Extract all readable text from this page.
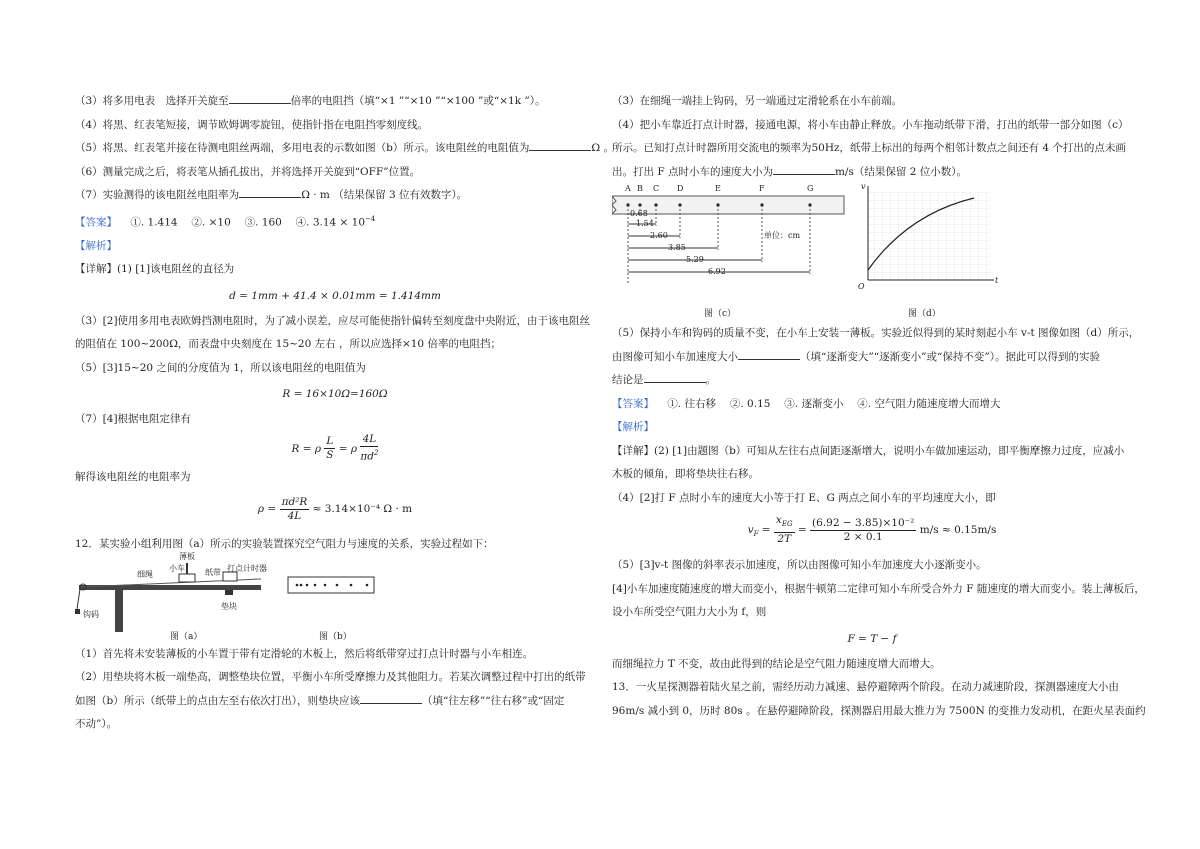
（3）将多用电表　选择开关旋至	倍率的电阻挡（填“×1 ”“×10 ”“×100 ”或“×1k ”）。
（4）将黑、红表笔短接，调节欧姆调零旋钮，使指针指在电阻挡零刻度线。
（5）将黑、红表笔并接在待测电阻丝两端，多用电表的示数如图（b）所示。该电阻丝的电阻值为	Ω 。
（6）测量完成之后，将表笔从插孔拔出，并将选择开关旋到“OFF”位置。
（7）实验测得的该电阻丝电阻率为	Ω · m （结果保留 3 位有效数字）。
【答案】 ①. 1.414　 ②. ×10　 ③. 160　 ④. $3.14 \times 10^{-4}$
【解析】
【详解】(1) [1]该电阻丝的直径为
d = 1mm + 41.4 × 0.01mm = 1.414mm
（3）[2]使用多用电表欧姆挡测电阻时，为了减小误差，应尽可能使指针偏转至刻度盘中央附近，由于该电阻丝
的阻值在 100~200Ω，而表盘中央刻度在 15~20 左右 ，所以应选择×10 倍率的电阻挡；
（5）[3]15~20 之间的分度值为 1，所以该电阻丝的电阻值为
R = 16×10Ω=160Ω
（7）[4]根据电阻定律有
R = ρ $\frac{L}{S} = \rho \frac{4L}{\pi d^2}$
解得该电阻丝的电阻率为
$\rho = \frac{\text{πd²R}}{4L} \approx 3.14\times 10^{-4}$ Ω · m
12．某实验小组利用图（a）所示的实验装置探究空气阻力与速度的关系，实验过程如下：
薄板
小车
细绳	纸带 打点计时器
垫块
钩码
图（a）	图（b）
（1）首先将未安装薄板的小车置于带有定滑轮的木板上，然后将纸带穿过打点计时器与小车相连。
（2）用垫块将木板一端垫高，调整垫块位置，平衡小车所受摩擦力及其他阻力。若某次调整过程中打出的纸带
如图（b）所示（纸带上的点由左至右依次打出），则垫块应该	（填“往左移”“往右移”或“固定
不动”）。
（3）在细绳一端挂上钩码，另一端通过定滑轮系在小车前端。
（4）把小车靠近打点计时器，接通电源，将小车由静止释放。小车拖动纸带下滑，打出的纸带一部分如图（c）
所示。已知打点计时器所用交流电的频率为50Hz，纸带上标出的每两个相邻计数点之间还有 4 个打出的点未画
出。打出 F 点时小车的速度大小为	m/s（结果保留 2 位小数）。
A B C D	E	F	G
0.68
1.54
2.60
3.85
5.29
6.92
单位：cm
v
t
O
图（c）	图（d）
（5）保持小车和钩码的质量不变，在小车上安装一薄板。实验近似得到的某时刻起小车 v-t 图像如图（d）所示，
由图像可知小车加速度大小	（填“逐渐变大”“逐渐变小”或“保持不变”）。据此可以得到的实验
结论是	。
【答案】 ①. 往右移　 ②. 0.15　 ③. 逐渐变小　 ④. 空气阻力随速度增大而增大
【解析】
【详解】(2) [1]由题图（b）可知从左往右点间距逐渐增大，说明小车做加速运动，即平衡摩擦力过度，应减小
木板的倾角，即将垫块往右移。
（4）[2]打 F 点时小车的速度大小等于打 E、G 两点之间小车的平均速度大小，即
$v_F = \frac{x_{EG}}{2T} = \frac{\text{(6.92 − 3.85)×10⁻²}}{2 \times 0.1} m/s \approx 0.15m/s$
（5）[3]v-t 图像的斜率表示加速度，所以由图像可知小车加速度大小逐渐变小。
[4]小车加速度随速度的增大而变小，根据牛顿第二定律可知小车所受合外力 F 随速度的增大而变小。装上薄板后，
设小车所受空气阻力大小为 f，则
F = T − f
而细绳拉力 T 不变，故由此得到的结论是空气阻力随速度增大而增大。
13．一火星探测器着陆火星之前，需经历动力减速、悬停避障两个阶段。在动力减速阶段，探测器速度大小由
96m/s 减小到 0，历时 80s 。在悬停避障阶段，探测器启用最大推力为 7500N 的变推力发动机，在距火星表面约
